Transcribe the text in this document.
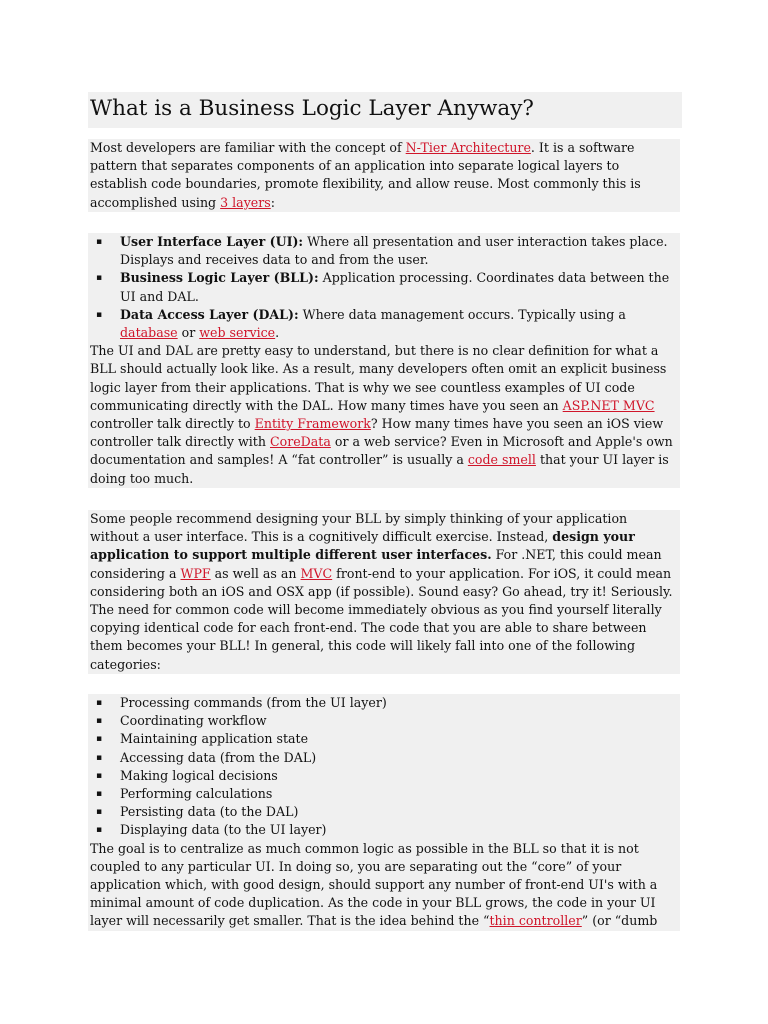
What is a Business Logic Layer Anyway?

Most developers are familiar with the concept of N-Tier Architecture. It is a software pattern that separates components of an application into separate logical layers to establish code boundaries, promote flexibility, and allow reuse. Most commonly this is accomplished using 3 layers:

▪ User Interface Layer (UI): Where all presentation and user interaction takes place. Displays and receives data to and from the user.
▪ Business Logic Layer (BLL): Application processing. Coordinates data between the UI and DAL.
▪ Data Access Layer (DAL): Where data management occurs. Typically using a database or web service.

The UI and DAL are pretty easy to understand, but there is no clear definition for what a BLL should actually look like. As a result, many developers often omit an explicit business logic layer from their applications. That is why we see countless examples of UI code communicating directly with the DAL. How many times have you seen an ASP.NET MVC controller talk directly to Entity Framework? How many times have you seen an iOS view controller talk directly with CoreData or a web service? Even in Microsoft and Apple's own documentation and samples! A “fat controller” is usually a code smell that your UI layer is doing too much.

Some people recommend designing your BLL by simply thinking of your application without a user interface. This is a cognitively difficult exercise. Instead, design your application to support multiple different user interfaces. For .NET, this could mean considering a WPF as well as an MVC front-end to your application. For iOS, it could mean considering both an iOS and OSX app (if possible). Sound easy? Go ahead, try it! Seriously. The need for common code will become immediately obvious as you find yourself literally copying identical code for each front-end. The code that you are able to share between them becomes your BLL! In general, this code will likely fall into one of the following categories:

▪ Processing commands (from the UI layer)
▪ Coordinating workflow
▪ Maintaining application state
▪ Accessing data (from the DAL)
▪ Making logical decisions
▪ Performing calculations
▪ Persisting data (to the DAL)
▪ Displaying data (to the UI layer)

The goal is to centralize as much common logic as possible in the BLL so that it is not coupled to any particular UI. In doing so, you are separating out the “core” of your application which, with good design, should support any number of front-end UI's with a minimal amount of code duplication. As the code in your BLL grows, the code in your UI layer will necessarily get smaller. That is the idea behind the “thin controller” (or “dumb
